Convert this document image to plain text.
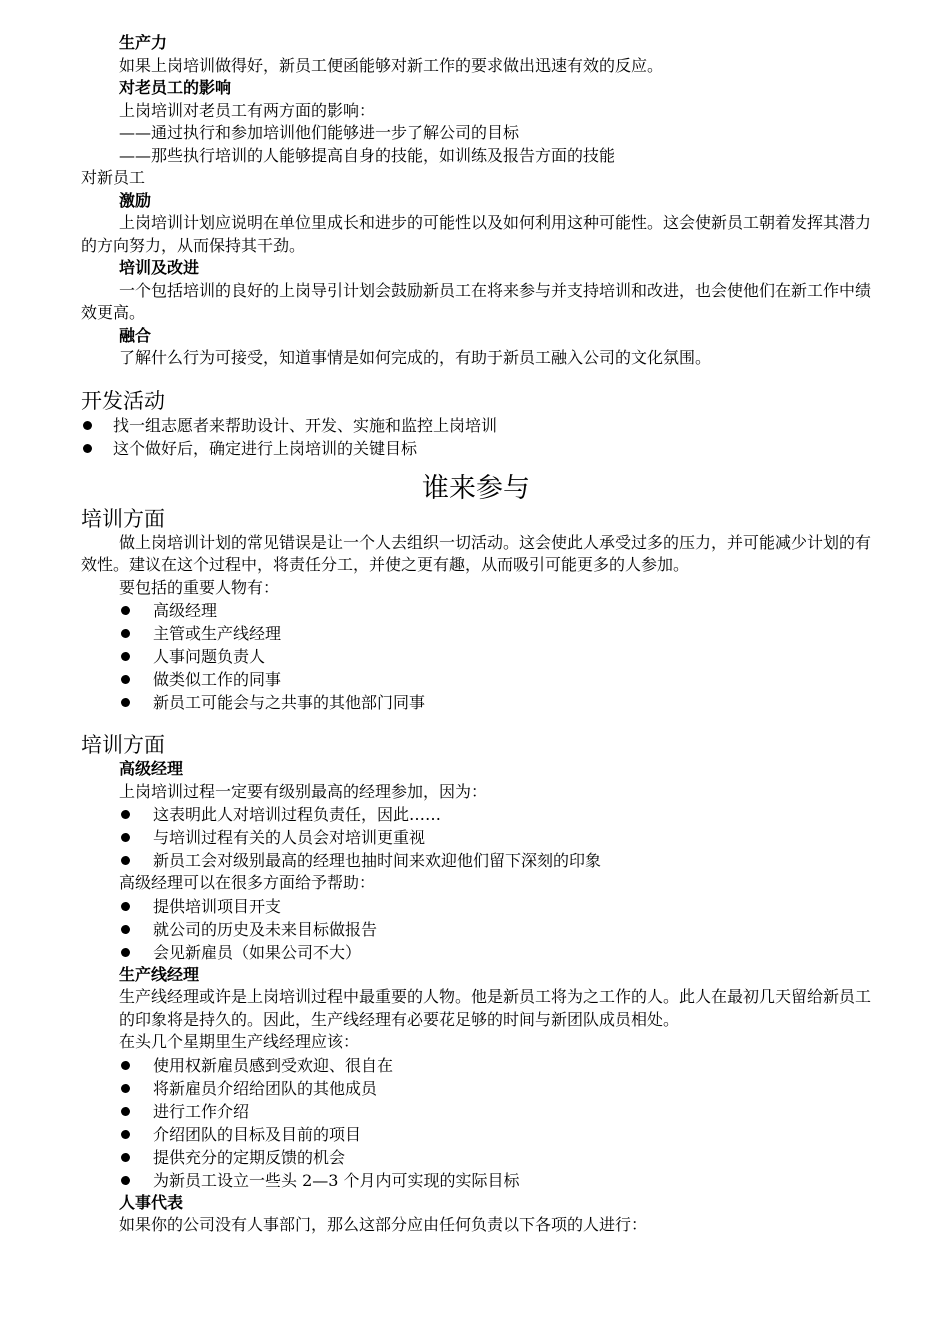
生产力
如果上岗培训做得好，新员工便函能够对新工作的要求做出迅速有效的反应。
对老员工的影响
上岗培训对老员工有两方面的影响：
——通过执行和参加培训他们能够进一步了解公司的目标
——那些执行培训的人能够提高自身的技能，如训练及报告方面的技能
对新员工
激励
上岗培训计划应说明在单位里成长和进步的可能性以及如何利用这种可能性。这会使新员工朝着发挥其潜力的方向努力，从而保持其干劲。
培训及改进
一个包括培训的良好的上岗导引计划会鼓励新员工在将来参与并支持培训和改进，也会使他们在新工作中绩效更高。
融合
了解什么行为可接受，知道事情是如何完成的，有助于新员工融入公司的文化氛围。
开发活动
找一组志愿者来帮助设计、开发、实施和监控上岗培训
这个做好后，确定进行上岗培训的关键目标
谁来参与
培训方面
做上岗培训计划的常见错误是让一个人去组织一切活动。这会使此人承受过多的压力，并可能减少计划的有效性。建议在这个过程中，将责任分工，并使之更有趣，从而吸引可能更多的人参加。
要包括的重要人物有：
高级经理
主管或生产线经理
人事问题负责人
做类似工作的同事
新员工可能会与之共事的其他部门同事
培训方面
高级经理
上岗培训过程一定要有级别最高的经理参加，因为：
这表明此人对培训过程负责任，因此……
与培训过程有关的人员会对培训更重视
新员工会对级别最高的经理也抽时间来欢迎他们留下深刻的印象
高级经理可以在很多方面给予帮助：
提供培训项目开支
就公司的历史及未来目标做报告
会见新雇员（如果公司不大）
生产线经理
生产线经理或许是上岗培训过程中最重要的人物。他是新员工将为之工作的人。此人在最初几天留给新员工的印象将是持久的。因此，生产线经理有必要花足够的时间与新团队成员相处。
在头几个星期里生产线经理应该：
使用权新雇员感到受欢迎、很自在
将新雇员介绍给团队的其他成员
进行工作介绍
介绍团队的目标及目前的项目
提供充分的定期反馈的机会
为新员工设立一些头 2—3 个月内可实现的实际目标
人事代表
如果你的公司没有人事部门，那么这部分应由任何负责以下各项的人进行：
